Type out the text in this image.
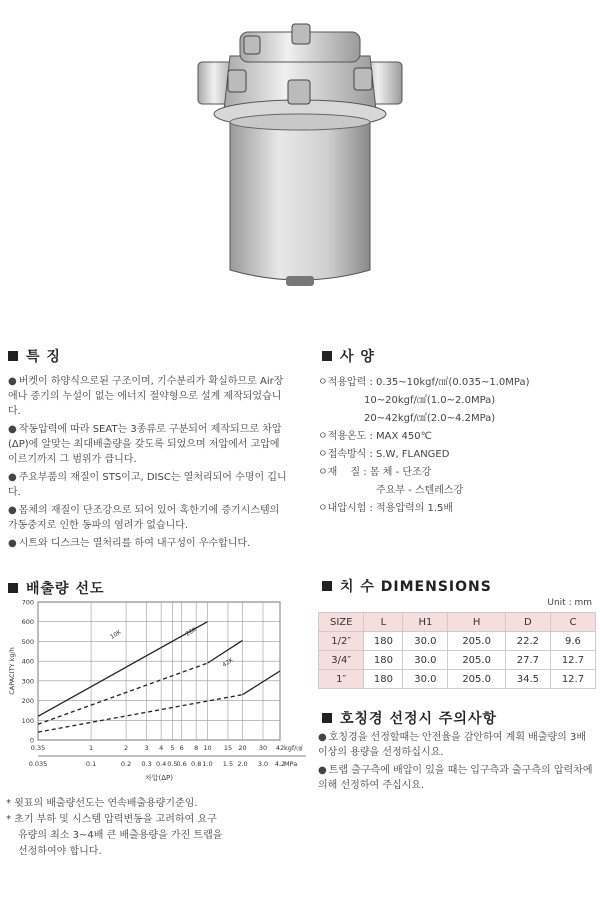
특 징
● 버켓이 하양식으로된 구조이며, 기수분리가 확실하므로 Air장애나 증기의 누설이 없는 에너지 절약형으로 설계 제작되었습니다.
● 작동압력에 따라 SEAT는 3종류로 구분되어 제작되므로 차압(ΔP)에 알맞는 최대배출량을 갖도록 되었으며 저압에서 고압에 이르기까지 그 범위가 큽니다.
● 주요부품의 재질이 STS이고, DISC는 열처리되어 수명이 깁니다.
● 몸체의 재질이 단조강으로 되어 있어 혹한기에 증기시스템의 가동중지로 인한 동파의 염려가 없습니다.
● 시트와 디스크는 열처리를 하여 내구성이 우수합니다.
사 양
ㅇ적용압력 : 0.35~10kgf/㎠(0.035~1.0MPa)
10~20kgf/㎠(1.0~2.0MPa)
20~42kgf/㎠(2.0~4.2MPa)
ㅇ적용온도 : MAX 450℃
ㅇ접속방식 : S.W, FLANGED
ㅇ재　 질 : 몸 체 - 단조강
주요부 - 스텐레스강
ㅇ내압시험 : 적용압력의 1.5배
배출량 선도
0
100
200
300
400
500
600
700
0.35
0.035
1
0.1
2
0.2
3
0.3
4
0.4
5
0.5
6
0.6
8
0.8
10
1.0
15
1.5
20
2.0
30
3.0
42
4.2
kgf/㎠
MPa
차압(ΔP)
CAPACITY kg/h
10K	20K
42K
* 윗표의 배출량선도는 연속배출용량기준임.
* 초기 부하 및 시스템 압력변동을 고려하여 요구
유량의 최소 3~4배 큰 배출용량을 가진 트랩을
선정하여야 합니다.
치 수 DIMENSIONS
Unit : mm
SIZE	L	H1	H	D	C
1/2″	180	30.0	205.0	22.2	9.6
3/4″	180	30.0	205.0	27.7	12.7
1″	180	30.0	205.0	34.5	12.7
호칭경 선정시 주의사항
● 호칭경을 선정할때는 안전율을 감안하여 계획 배출량의 3배 이상의 용량을 선정하십시요.
● 트랩 출구측에 배압이 있을 때는 입구측과 출구측의 압력차에 의해 선정하여 주십시요.
